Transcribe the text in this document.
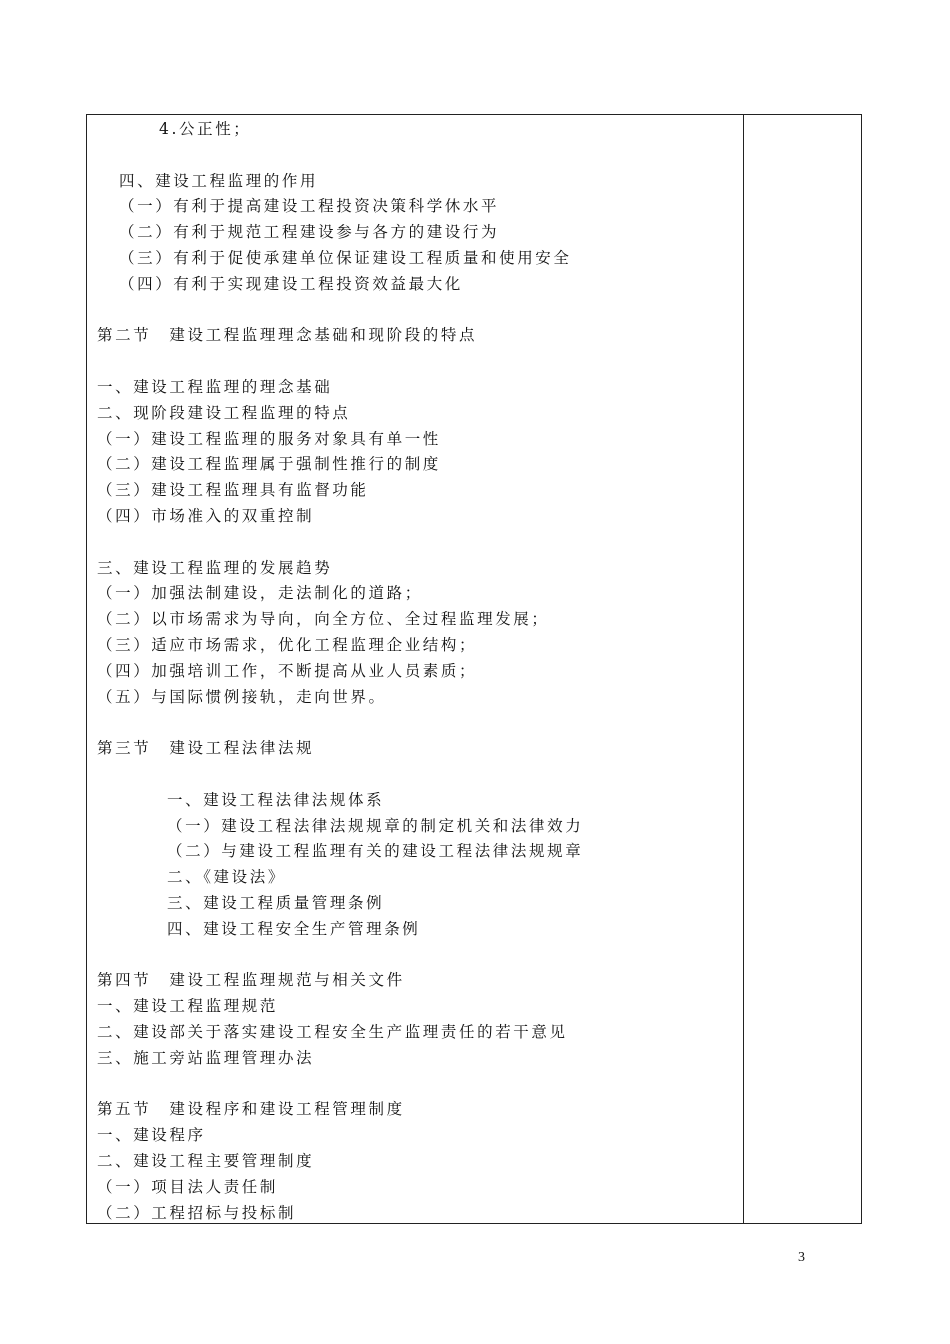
4.公正性；
四、建设工程监理的作用
（一）有利于提高建设工程投资决策科学休水平
（二）有利于规范工程建设参与各方的建设行为
（三）有利于促使承建单位保证建设工程质量和使用安全
（四）有利于实现建设工程投资效益最大化
第二节　建设工程监理理念基础和现阶段的特点
一、建设工程监理的理念基础
二、现阶段建设工程监理的特点
（一）建设工程监理的服务对象具有单一性
（二）建设工程监理属于强制性推行的制度
（三）建设工程监理具有监督功能
（四）市场准入的双重控制
三、建设工程监理的发展趋势
（一）加强法制建设，走法制化的道路；
（二）以市场需求为导向，向全方位、全过程监理发展；
（三）适应市场需求，优化工程监理企业结构；
（四）加强培训工作，不断提高从业人员素质；
（五）与国际惯例接轨，走向世界。
第三节　建设工程法律法规
一、建设工程法律法规体系
（一）建设工程法律法规规章的制定机关和法律效力
（二）与建设工程监理有关的建设工程法律法规规章
二、《建设法》
三、建设工程质量管理条例
四、建设工程安全生产管理条例
第四节　建设工程监理规范与相关文件
一、建设工程监理规范
二、建设部关于落实建设工程安全生产监理责任的若干意见
三、施工旁站监理管理办法
第五节　建设程序和建设工程管理制度
一、建设程序
二、建设工程主要管理制度
（一）项目法人责任制
（二）工程招标与投标制
3
